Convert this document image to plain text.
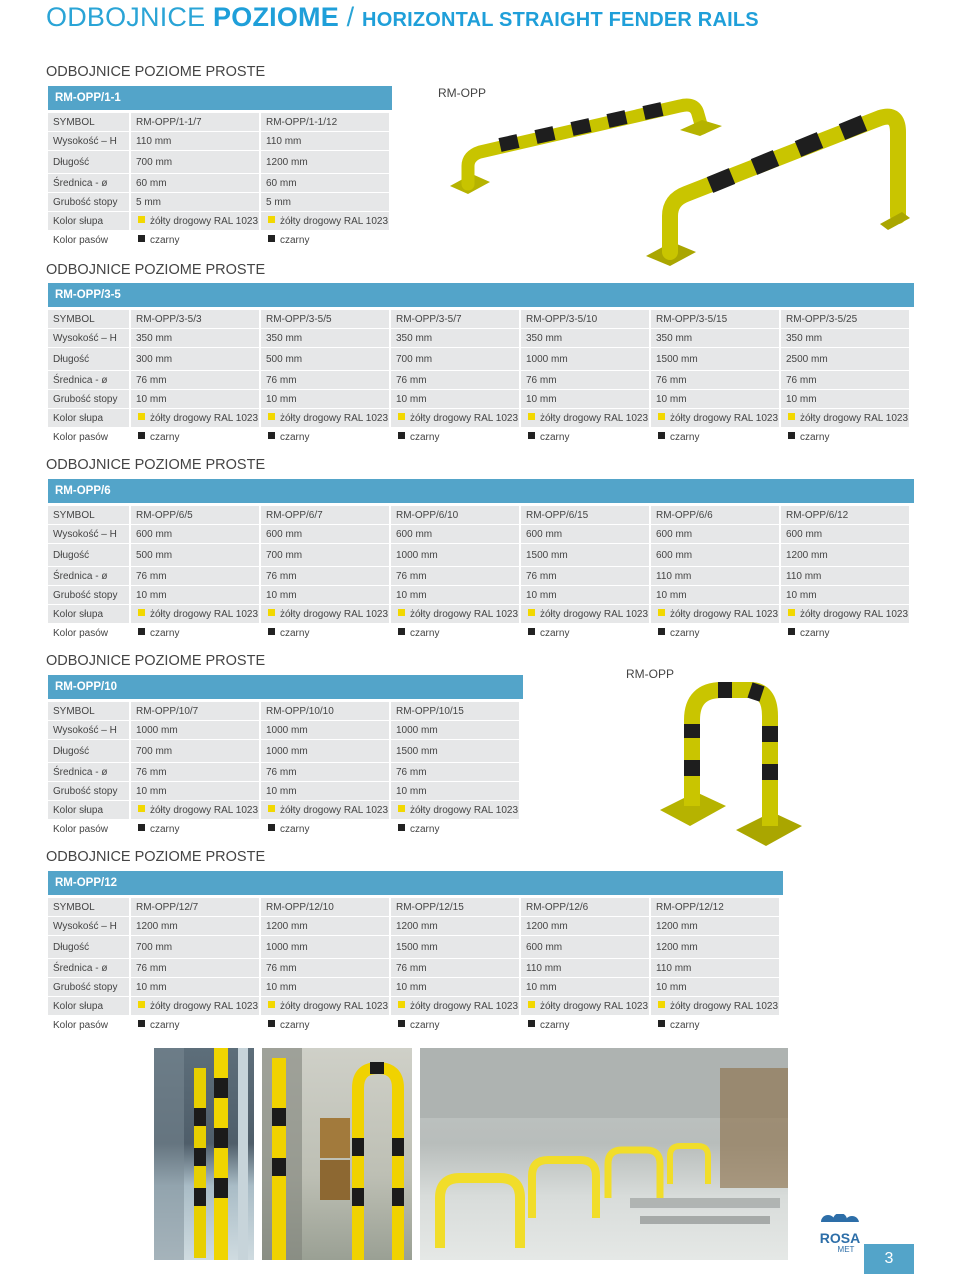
ODBOJNICE POZIOME / HORIZONTAL STRAIGHT FENDER RAILS
ODBOJNICE POZIOME PROSTE
RM-OPP/1-1
SYMBOL	RM-OPP/1-1/7	RM-OPP/1-1/12
Wysokość – H	110 mm	110 mm
Długość	700 mm	1200 mm
Średnica - ø	60 mm	60 mm
Grubość stopy	5 mm	5 mm
Kolor słupa	żółty drogowy RAL 1023	żółty drogowy RAL 1023
Kolor pasów	czarny	czarny
RM-OPP
ODBOJNICE POZIOME PROSTE
RM-OPP/3-5
SYMBOL	RM-OPP/3-5/3	RM-OPP/3-5/5	RM-OPP/3-5/7	RM-OPP/3-5/10	RM-OPP/3-5/15	RM-OPP/3-5/25
Wysokość – H	350 mm	350 mm	350 mm	350 mm	350 mm	350 mm
Długość	300 mm	500 mm	700 mm	1000 mm	1500 mm	2500 mm
Średnica - ø	76 mm	76 mm	76 mm	76 mm	76 mm	76 mm
Grubość stopy	10 mm	10 mm	10 mm	10 mm	10 mm	10 mm
Kolor słupa	żółty drogowy RAL 1023	żółty drogowy RAL 1023	żółty drogowy RAL 1023	żółty drogowy RAL 1023	żółty drogowy RAL 1023	żółty drogowy RAL 1023
Kolor pasów	czarny	czarny	czarny	czarny	czarny	czarny
ODBOJNICE POZIOME PROSTE
RM-OPP/6
SYMBOL	RM-OPP/6/5	RM-OPP/6/7	RM-OPP/6/10	RM-OPP/6/15	RM-OPP/6/6	RM-OPP/6/12
Wysokość – H	600 mm	600 mm	600 mm	600 mm	600 mm	600 mm
Długość	500 mm	700 mm	1000 mm	1500 mm	600 mm	1200 mm
Średnica - ø	76 mm	76 mm	76 mm	76 mm	110 mm	110 mm
Grubość stopy	10 mm	10 mm	10 mm	10 mm	10 mm	10 mm
Kolor słupa	żółty drogowy RAL 1023	żółty drogowy RAL 1023	żółty drogowy RAL 1023	żółty drogowy RAL 1023	żółty drogowy RAL 1023	żółty drogowy RAL 1023
Kolor pasów	czarny	czarny	czarny	czarny	czarny	czarny
ODBOJNICE POZIOME PROSTE
RM-OPP/10
SYMBOL	RM-OPP/10/7	RM-OPP/10/10	RM-OPP/10/15
Wysokość – H	1000 mm	1000 mm	1000 mm
Długość	700 mm	1000 mm	1500 mm
Średnica - ø	76 mm	76 mm	76 mm
Grubość stopy	10 mm	10 mm	10 mm
Kolor słupa	żółty drogowy RAL 1023	żółty drogowy RAL 1023	żółty drogowy RAL 1023
Kolor pasów	czarny	czarny	czarny
RM-OPP
ODBOJNICE POZIOME PROSTE
RM-OPP/12
SYMBOL	RM-OPP/12/7	RM-OPP/12/10	RM-OPP/12/15	RM-OPP/12/6	RM-OPP/12/12
Wysokość – H	1200 mm	1200 mm	1200 mm	1200 mm	1200 mm
Długość	700 mm	1000 mm	1500 mm	600 mm	1200 mm
Średnica - ø	76 mm	76 mm	76 mm	110 mm	110 mm
Grubość stopy	10 mm	10 mm	10 mm	10 mm	10 mm
Kolor słupa	żółty drogowy RAL 1023	żółty drogowy RAL 1023	żółty drogowy RAL 1023	żółty drogowy RAL 1023	żółty drogowy RAL 1023
Kolor pasów	czarny	czarny	czarny	czarny	czarny
ROSA
MET
3
